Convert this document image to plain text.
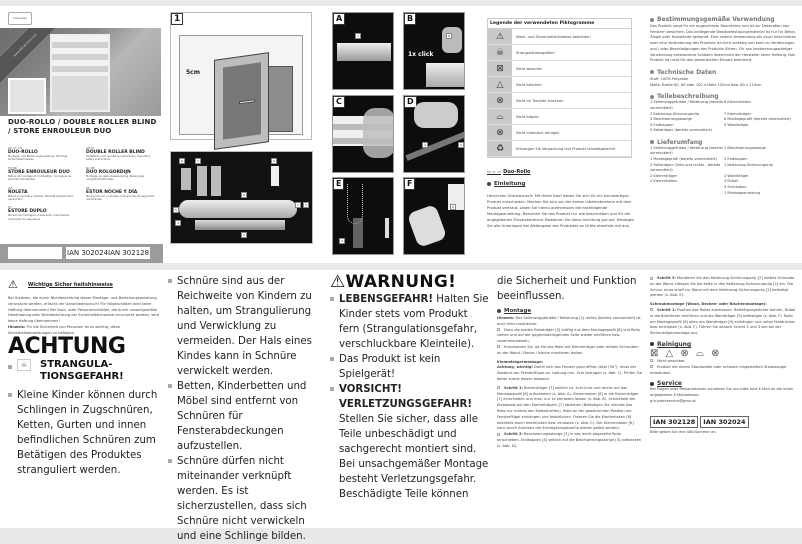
meradiso
www.lidl-service.com
DUO-ROLLO / DOUBLE ROLLER BLIND / STORE ENROULEUR DUO
DE AT CH
DUO-ROLLO
Montage- und Bedienungsanleitung, Wichtige Sicherheitshinweise
GB IE
DOUBLE ROLLER BLIND
Installation and operating instructions, Important safety instructions
FR BE
STORE ENROULEUR DUO
Notice de montage et d'utilisation, Consignes de sécurité importantes
NL BE
DUO ROLGORDIJN
Montage- en gebruiksaanwijzing, Belangrijke veiligheidsinstructies
CZ
ROLETA
Návod k montáži a obsluze, Důležitá bezpečnostní upozornění
ES
ESTOR NOCHE Y DÍA
Manual de uso y montaje, indicaciones de seguridad importantes
PT
ESTORE DUPLO
Manual de montagem e operação, importantes indicações de segurança
IAN 302024IAN 302128
1
5cm
6	7
8
5
9
1	2
4
3
A
7
B
1x click
6
C	D
4	3
E
2
F
1
2
9
Legende der verwendeten Piktogramme
⚠	Warn- und Sicherheitshinweise beachten!
☠	Strangulationsgefahr!
⊠	Nicht waschen
△	Nicht bleichen
⊗	Nicht im Tumbler trocknen
⌓	Nicht bügeln
⊗	Nicht chemisch reinigen
♻	Entsorgen Sie Verpackung und Produkt umweltgerecht!
DE AT CH Duo-Rollo
Einleitung
Herzlichen Glückwunsch! Mit Ihrem Kauf haben Sie sich für ein hochwertiges Produkt entschieden. Machen Sie sich vor der ersten Inbetriebnahme mit dem Produkt vertraut. Lesen Sie hierzu aufmerksam die nachfolgende Montageanleitung. Benutzen Sie das Produkt nur wie beschrieben und für die angegebenen Einsatzbereiche. Bewahren Sie diese Anleitung gut auf. Händigen Sie alle Unterlagen bei Weitergabe des Produktes an Dritte ebenfalls mit aus.
Bestimmungsgemäße Verwendung
Das Produkt sorgt für ein angenehmes Raumklima und ist zur Dekoration von Fenstern bestimmt. Das beiliegende Wandbefestigungsmaterial ist nur für Beton, Ziegel oder Holzwände geeignet. Eine andere Verwendung als zuvor beschrieben oder eine Veränderung des Produkts ist nicht zulässig und kann zu Verletzungen und / oder Beschädigungen des Produkts führen. Für aus bestimmungswidriger Verwendung entstandene Schäden übernimmt der Hersteller keine Haftung. Das Produkt ist nicht für den gewerblichen Einsatz bestimmt.
Technische Daten
Stoff: 100% Polyester
Maße: Breite 60, 80 oder 100 x Höhe 150cm bzw. 80 x 210cm
Teilebeschreibung
1 Seitenzuggetriebe / Kettenzug (bereits vormontiert)
6 Klemmhaken
2 Kettenzug-Sicherungsclip	7 Klemmträger
3 Beschwerungsstange	8 Montageprofil (bereits vormontiert)
4 Endkappen	9 Wandträger
5 Rolloträger (bereits vormontiert)
Lieferumfang
1 Seitenzuggetriebe / Kettenzug (bereits vormontiert)
1 Beschwerungsstange
1 Montageprofil (bereits vormontiert)	2 Endkappen
2 Rolloträger (links und rechts - bereits vormontiert)
1 Kettenzug-Sicherungsclip
2 Klemmträger	2 Wandträger
2 Klemmhaken	3 Dübel
3 Schrauben
1 Montageanleitung
⚠ Wichtige Sicher heitshinweise
Bei Schäden, die durch Nichtbeachtung dieser Montage- und Bedienungsanleitung verursacht werden, erlischt der Garantieanspruch! Für Folgeschäden wird keine Haftung übernommen! Bei Sach- oder Personenschäden, die durch unsachgemäße Handhabung oder Nichtbeachtung der Sicherheitshinweise verursacht werden, wird keine Haftung übernommen!
Hinweis: Für die Sicherheit von Personen ist es wichtig, diese Sicherheitsanweisungen zu befolgen.
ACHTUNG
☠	STRANGULA-TIONSGEFAHR!
Kleine Kinder können durch Schlingen in Zugschnüren, Ketten, Gurten und innen befindlichen Schnüren zum Betätigen des Produktes stranguliert werden.
Schnüre sind aus der Reichweite von Kindern zu halten, um Strangulierung und Verwicklung zu vermeiden. Der Hals eines Kindes kann in Schnüre verwickelt werden.
Betten, Kinderbetten und Möbel sind entfernt von Schnüren für Fensterabdeckungen aufzustellen.
Schnüre dürfen nicht miteinander verknüpft werden. Es ist sicherzustellen, dass sich Schnüre nicht verwickeln und eine Schlinge bilden.
⚠WARNUNG!
LEBENSGEFAHR! Halten Sie Kinder stets vom Produkt fern (Strangulationsgefahr, verschluckbare Kleinteile).
Das Produkt ist kein Spielgerät!
VORSICHT! VERLETZUNGSGEFAHR! Stellen Sie sicher, dass alle Teile unbeschädigt und sachgerecht montiert sind. Bei unsachgemäßer Montage besteht Verletzungsgefahr. Beschädigte Teile können
die Sicherheit und Funktion beeinflussen.
Montage
Hinweis: Das Seitenzuggetriebe / Kettenzug [1] rechts (bereits vormontiert) ist auch links montierbar.
Dazu die beiden Rolloträger [5] kräftig aus dem Montageprofil [8] und Rollo ziehen und auf der gegenüberliegenden Seite wieder einführen bzw. zusammensetzen.
Entscheiden Sie, ob Sie das Rollo mit Klemmträger oder mittels Schrauben an der Wand / Decke / Nische montieren wollen.
Klemmträgermontage:
Achtung, wichtig! Damit sich das Fenster ganz öffnen lässt (90°), muss der Abstand von Fensterflügel zur Laibung min. 5cm betragen (s. Abb. 1). Prüfen Sie daher zuerst diesen Abstand.
Schritt 1: Klemmträger [7] seitlich ca. 4cm links und rechts auf das Montageprofil [8] aufschieben (s. Abb. A). Klemmhaken [6] in die Klemmträger [7] einschieben und max. nur 1x einrasten lassen (s. Abb. B). Schutzfolie der Klebepads auf den Klemmträgern [7] abziehen (Befestigen Sie niemals das Rollo nur mittels den Klebestreifen). Rollo an der gewünschten Position am Fensterflügel einhängen und festdrücken. Fixieren Sie die Klemmhaken [6] ebenfalls durch festdrücken bzw. einrasten (s. Abb. C). Der Klemmhaken [6] kann durch Anheben der Entriegelungslasche wieder gelöst werden.
Schritt 2: Beschwerungsstange [3] in das leicht abgerollte Rollo einschieben. Endkappen [4] seitlich auf die Beschwerungsstange [3] aufstecken (s. Abb. D).
Schritt 3: Montieren Sie den Kettenzug-Sicherungsclip [2] mittels Schraube an der Wand. Hängen Sie die Kette in den Kettenzug-Sicherungsclip [2] ein. Die Schnur muss straff zur Wand mit dem Kettenzug-Sicherungsclip [2] befestigt werden (s. Abb. E).
Schraubmontage (Wand, Decken- oder Nischenmontage):
Schritt 1: Position des Rollos ausmessen. Befestigungslöcher bohren, Dübel in die Bohrlöcher einführen und die Wandträger [9] befestigen (s. Abb. F). Rollo am Montageprofil [8] oben am Wandträger [9] einhängen und unten festdrücken bzw. einklipsen (s. Abb. F). Führen Sie danach Schritt 2 und 3 wie bei der Klemmträgermontage aus.
Reinigung
⊠ △ ⊗ ⌓ ⊗
Nicht waschbar.
Produkt mit einem Staubwedel oder schwach eingestellten Staubsauger entstauben.
Service
Bei Fragen oder Reklamationen schreiben Sie uns bitte eine E-Mail an die unten angegebene E-Mailadresse:
g.kundenservice@gmx.at
IAN 302128 IAN 302024
Bitte geben Sie Ihre IAN-Nummer an.
